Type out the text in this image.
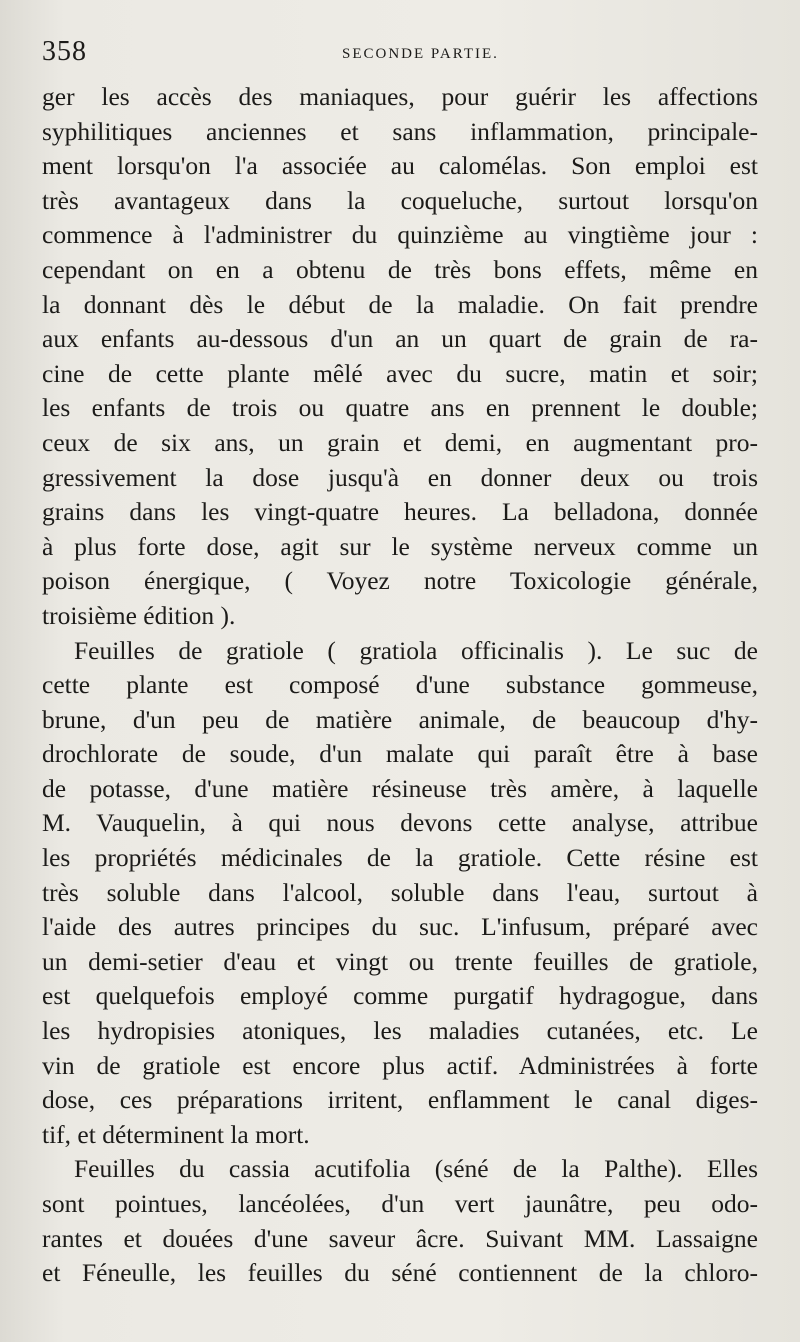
358	SECONDE PARTIE.
ger les accès des maniaques, pour guérir les affections
syphilitiques anciennes et sans inflammation, principale-
ment lorsqu'on l'a associée au calomélas. Son emploi est
très avantageux dans la coqueluche, surtout lorsqu'on
commence à l'administrer du quinzième au vingtième jour :
cependant on en a obtenu de très bons effets, même en
la donnant dès le début de la maladie. On fait prendre
aux enfants au-dessous d'un an un quart de grain de ra-
cine de cette plante mêlé avec du sucre, matin et soir;
les enfants de trois ou quatre ans en prennent le double;
ceux de six ans, un grain et demi, en augmentant pro-
gressivement la dose jusqu'à en donner deux ou trois
grains dans les vingt-quatre heures. La belladona, donnée
à plus forte dose, agit sur le système nerveux comme un
poison énergique, ( Voyez notre Toxicologie générale,
troisième édition ).
Feuilles de gratiole ( gratiola officinalis ). Le suc de
cette plante est composé d'une substance gommeuse,
brune, d'un peu de matière animale, de beaucoup d'hy-
drochlorate de soude, d'un malate qui paraît être à base
de potasse, d'une matière résineuse très amère, à laquelle
M. Vauquelin, à qui nous devons cette analyse, attribue
les propriétés médicinales de la gratiole. Cette résine est
très soluble dans l'alcool, soluble dans l'eau, surtout à
l'aide des autres principes du suc. L'infusum, préparé avec
un demi-setier d'eau et vingt ou trente feuilles de gratiole,
est quelquefois employé comme purgatif hydragogue, dans
les hydropisies atoniques, les maladies cutanées, etc. Le
vin de gratiole est encore plus actif. Administrées à forte
dose, ces préparations irritent, enflamment le canal diges-
tif, et déterminent la mort.
Feuilles du cassia acutifolia (séné de la Palthe). Elles
sont pointues, lancéolées, d'un vert jaunâtre, peu odo-
rantes et douées d'une saveur âcre. Suivant MM. Lassaigne
et Féneulle, les feuilles du séné contiennent de la chloro-
